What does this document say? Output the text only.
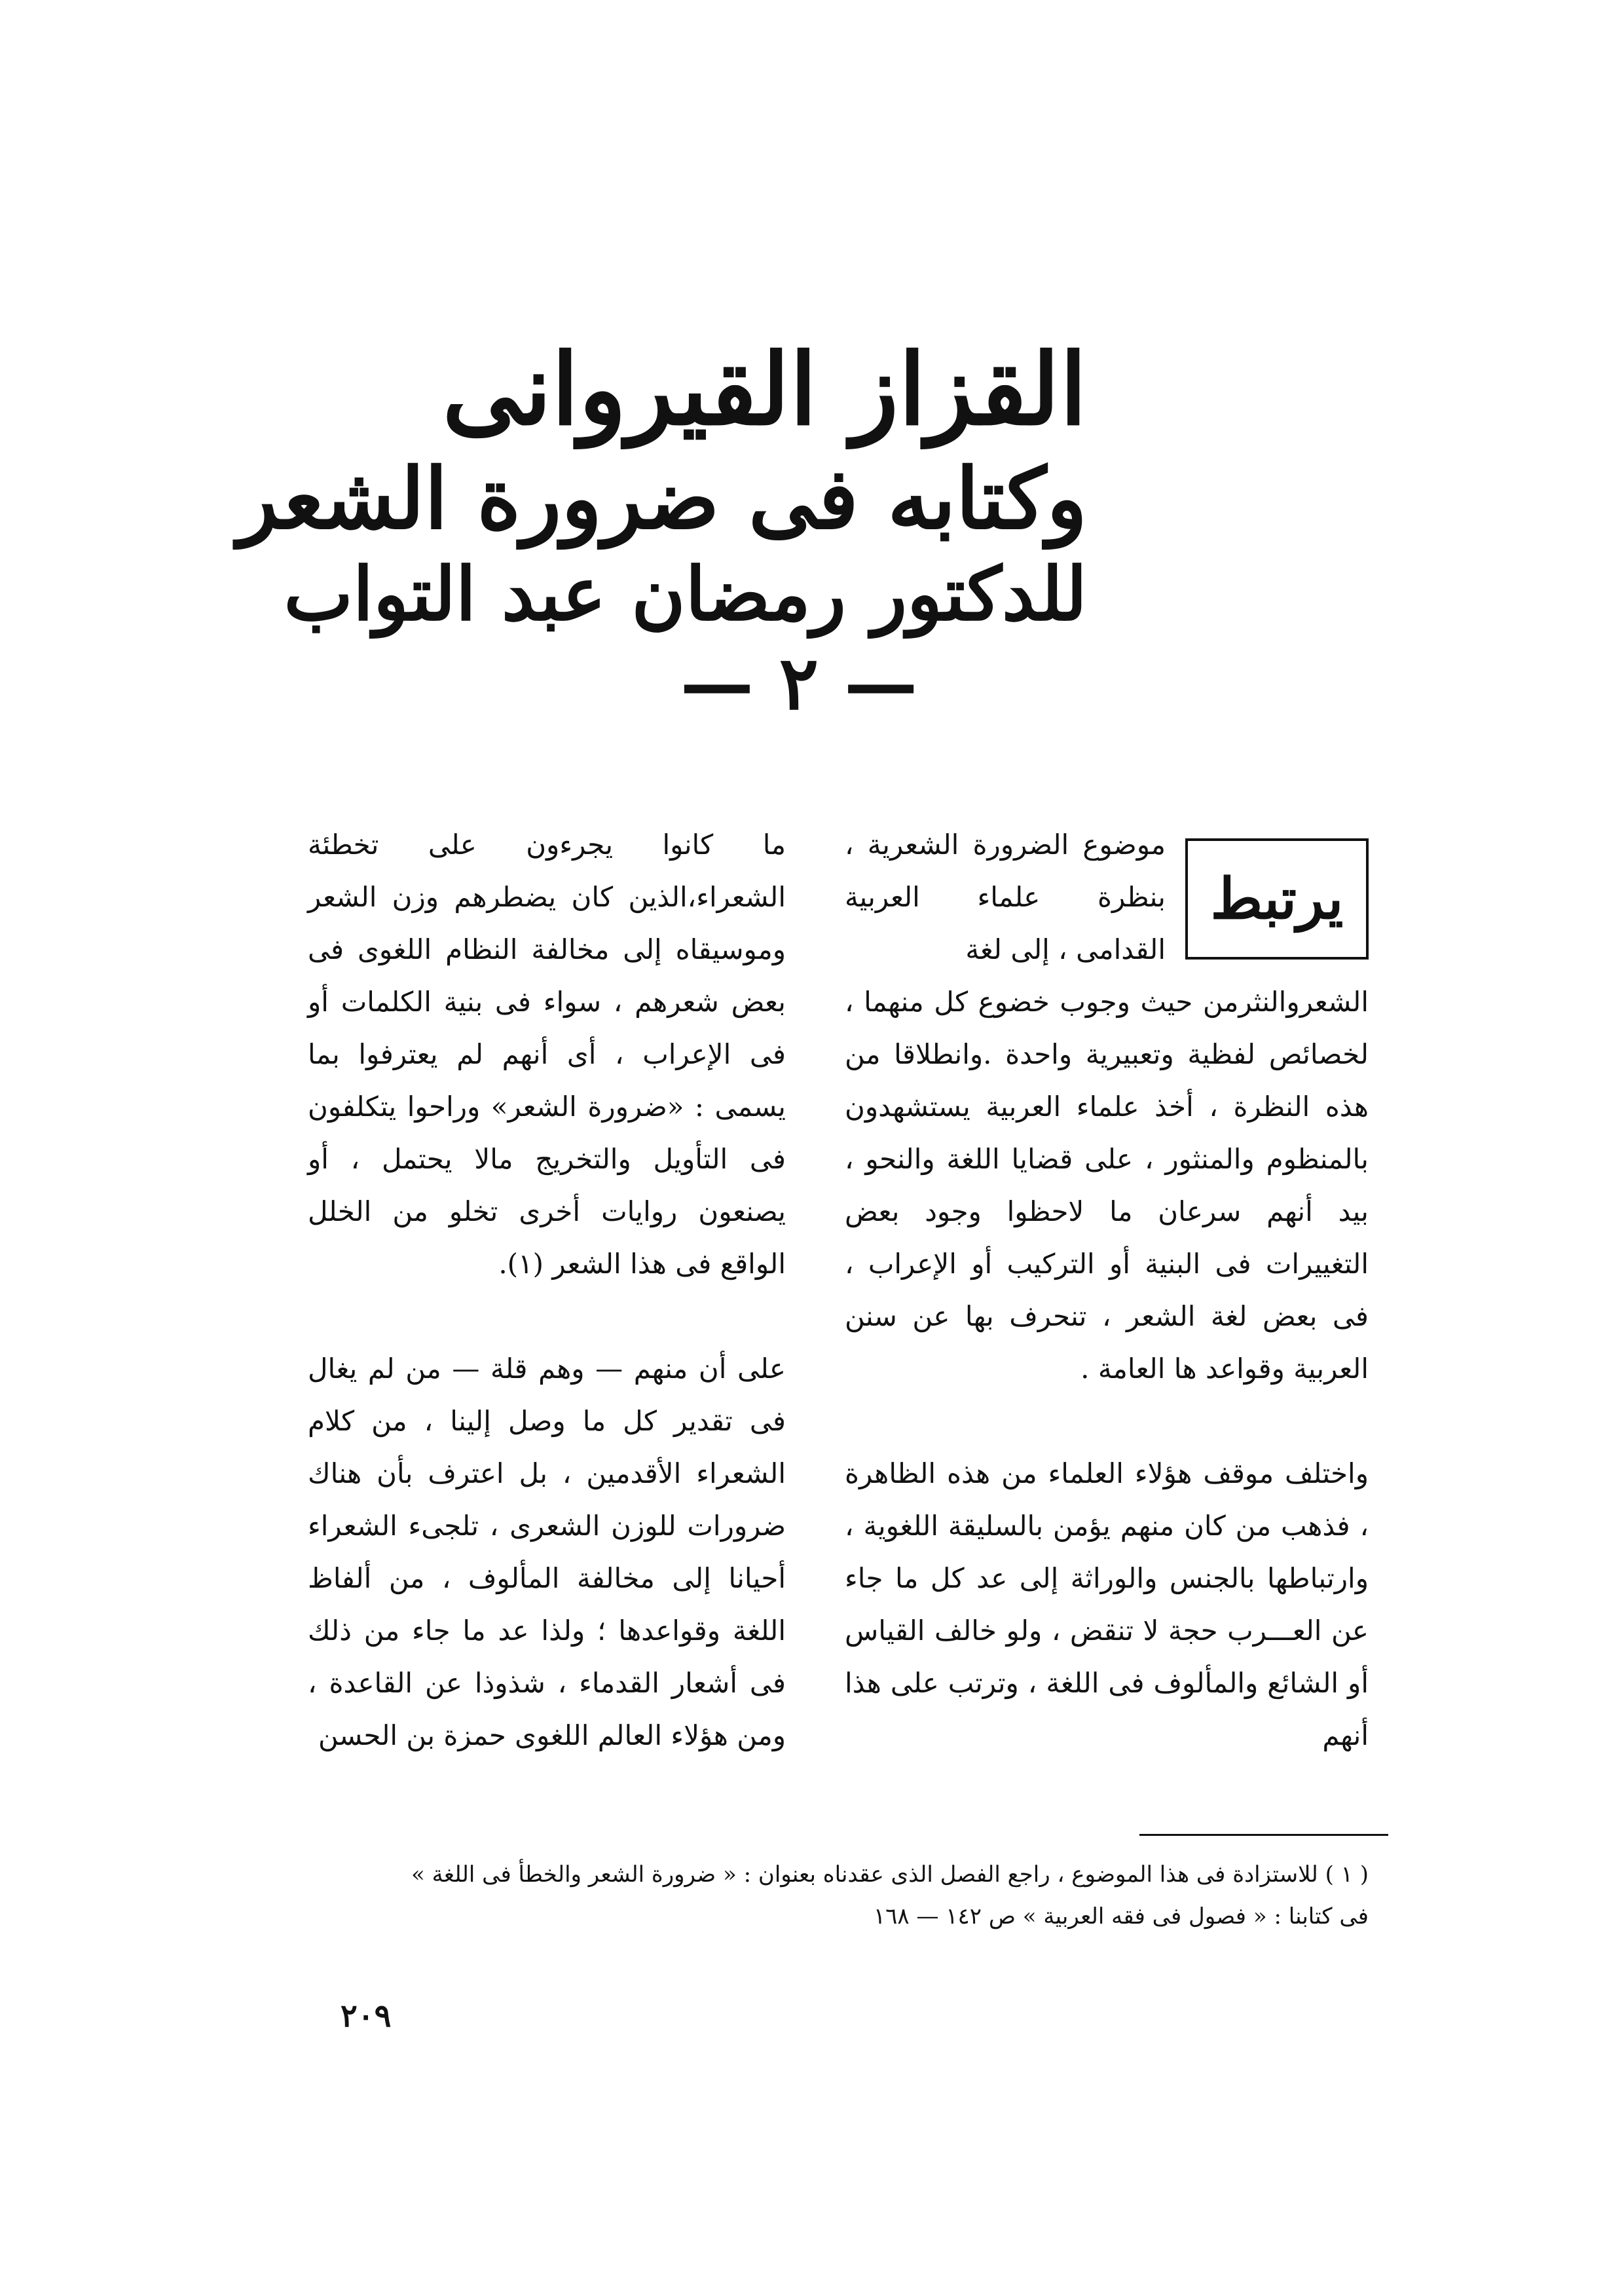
القزاز القيروانى
وكتابه فى ضرورة الشعر
للدكتور رمضان عبد التواب
— ٢ —
يرتبط

موضوع الضرورة الشعرية ، بنظرة علماء العربية القدامى ، إلى لغة

الشعروالنثرمن حيث وجوب خضوع كل منهما ، لخصائص لفظية وتعبيرية واحدة .وانطلاقا من هذه النظرة ، أخذ علماء العربية يستشهدون بالمنظوم والمنثور ، على قضايا اللغة والنحو ، بيد أنهم سرعان ما لاحظوا وجود بعض التغييرات فى البنية أو التركيب أو الإعراب ، فى بعض لغة الشعر ، تنحرف بها عن سنن العربية وقواعد ها العامة .

واختلف موقف هؤلاء العلماء من هذه الظاهرة ، فذهب من كان منهم يؤمن بالسليقة اللغوية ، وارتباطها بالجنس والوراثة إلى عد كل ما جاء عن العـــرب حجة لا تنقض ، ولو خالف القياس أو الشائع والمألوف فى اللغة ، وترتب على هذا أنهم

ما كانوا يجرءون على تخطئة الشعراء،الذين كان يضطرهم وزن الشعر وموسيقاه إلى مخالفة النظام اللغوى فى بعض شعرهم ، سواء فى بنية الكلمات أو فى الإعراب ، أى أنهم لم يعترفوا بما يسمى : «ضرورة الشعر» وراحوا يتكلفون فى التأويل والتخريج مالا يحتمل ، أو يصنعون روايات أخرى تخلو من الخلل الواقع فى هذا الشعر (١).

على أن منهم — وهم قلة — من لم يغال فى تقدير كل ما وصل إلينا ، من كلام الشعراء الأقدمين ، بل اعترف بأن هناك ضرورات للوزن الشعرى ، تلجىء الشعراء أحيانا إلى مخالفة المألوف ، من ألفاظ اللغة وقواعدها ؛ ولذا عد ما جاء من ذلك فى أشعار القدماء ، شذوذا عن القاعدة ، ومن هؤلاء العالم اللغوى حمزة بن الحسن

( ١ ) للاستزادة فى هذا الموضوع ، راجع الفصل الذى عقدناه بعنوان : « ضرورة الشعر والخطأ فى اللغة »

فى كتابنا : « فصول فى فقه العربية » ص ١٤٢ — ١٦٨

٢٠٩
